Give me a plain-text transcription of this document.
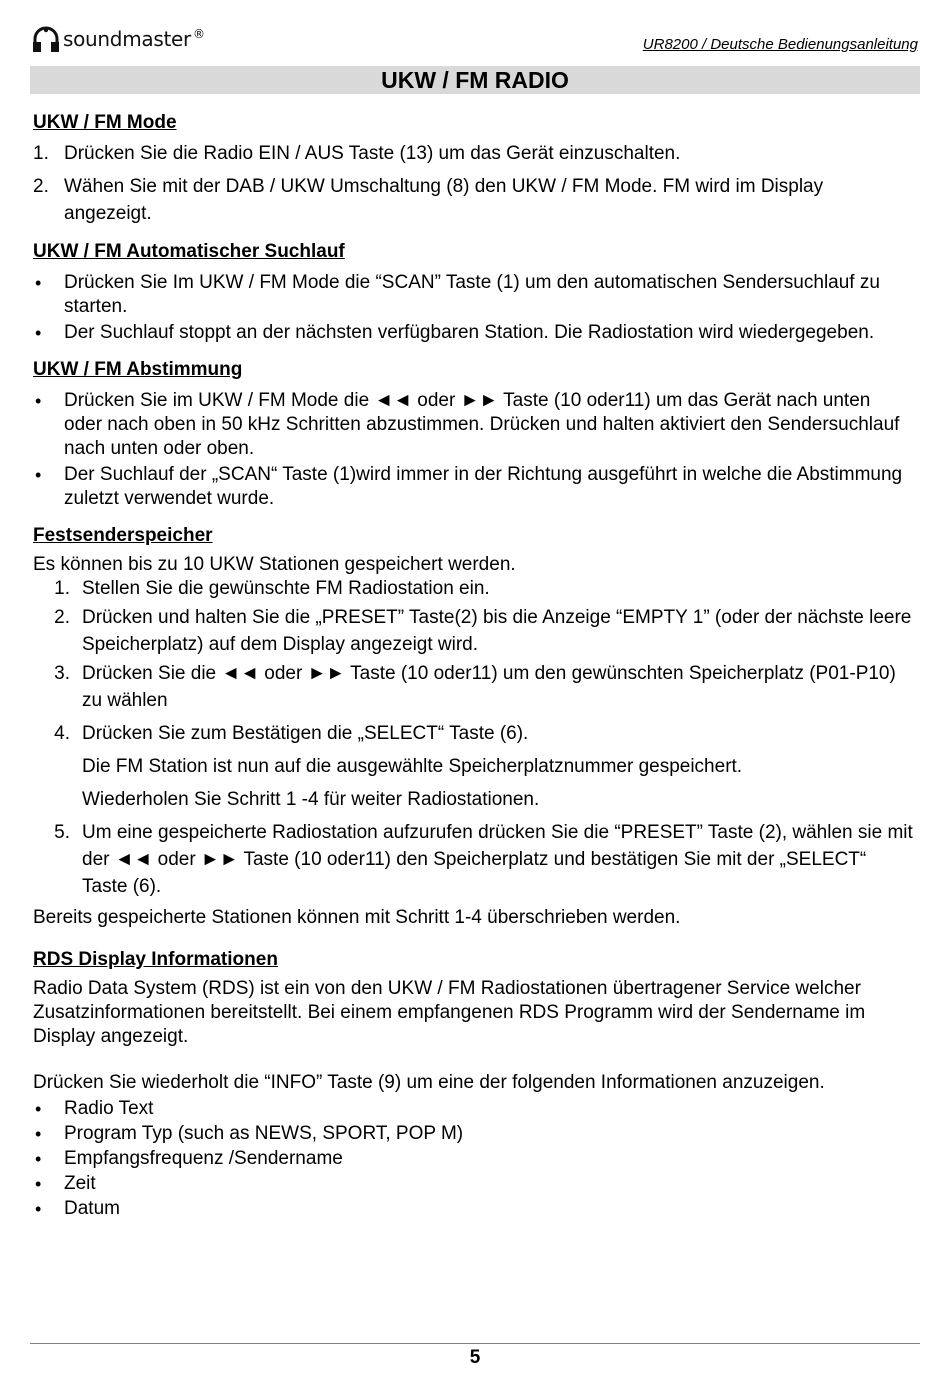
soundmaster ®
UR8200 / Deutsche Bedienungsanleitung
UKW / FM RADIO
UKW / FM Mode
1. Drücken Sie die Radio EIN / AUS Taste (13) um das Gerät einzuschalten.
2. Wähen Sie mit der DAB / UKW Umschaltung (8) den UKW / FM Mode. FM wird im Display angezeigt.
UKW / FM Automatischer Suchlauf
•	Drücken Sie Im UKW / FM Mode die “SCAN” Taste (1) um den automatischen Sendersuchlauf zu starten.
•	Der Suchlauf stoppt an der nächsten verfügbaren Station. Die Radiostation wird wiedergegeben.
UKW / FM Abstimmung
•	Drücken Sie im UKW / FM Mode die ◄◄ oder ►► Taste (10 oder11) um das Gerät nach unten oder nach oben in 50 kHz Schritten abzustimmen. Drücken und halten aktiviert den Sendersuchlauf nach unten oder oben.
•	Der Suchlauf der „SCAN“ Taste (1)wird immer in der Richtung ausgeführt in welche die Abstimmung zuletzt verwendet wurde.
Festsenderspeicher
Es können bis zu 10 UKW Stationen gespeichert werden.
1. Stellen Sie die gewünschte FM Radiostation ein.
2. Drücken und halten Sie die „PRESET” Taste(2) bis die Anzeige “EMPTY 1” (oder der nächste leere Speicherplatz) auf dem Display angezeigt wird.
3. Drücken Sie die ◄◄ oder ►► Taste (10 oder11) um den gewünschten Speicherplatz (P01-P10) zu wählen
4. Drücken Sie zum Bestätigen die „SELECT“ Taste (6).
Die FM Station ist nun auf die ausgewählte Speicherplatznummer gespeichert.
Wiederholen Sie Schritt 1 -4 für weiter Radiostationen.
5. Um eine gespeicherte Radiostation aufzurufen drücken Sie die “PRESET” Taste (2), wählen sie mit der ◄◄ oder ►► Taste (10 oder11) den Speicherplatz und bestätigen Sie mit der „SELECT“ Taste (6).
Bereits gespeicherte Stationen können mit Schritt 1-4 überschrieben werden.
RDS Display Informationen
Radio Data System (RDS) ist ein von den UKW / FM Radiostationen übertragener Service welcher Zusatzinformationen bereitstellt. Bei einem empfangenen RDS Programm wird der Sendername im Display angezeigt.
Drücken Sie wiederholt die “INFO” Taste (9) um eine der folgenden Informationen anzuzeigen.
•	Radio Text
•	Program Typ (such as NEWS, SPORT, POP M)
•	Empfangsfrequenz /Sendername
•	Zeit
•	Datum
5
